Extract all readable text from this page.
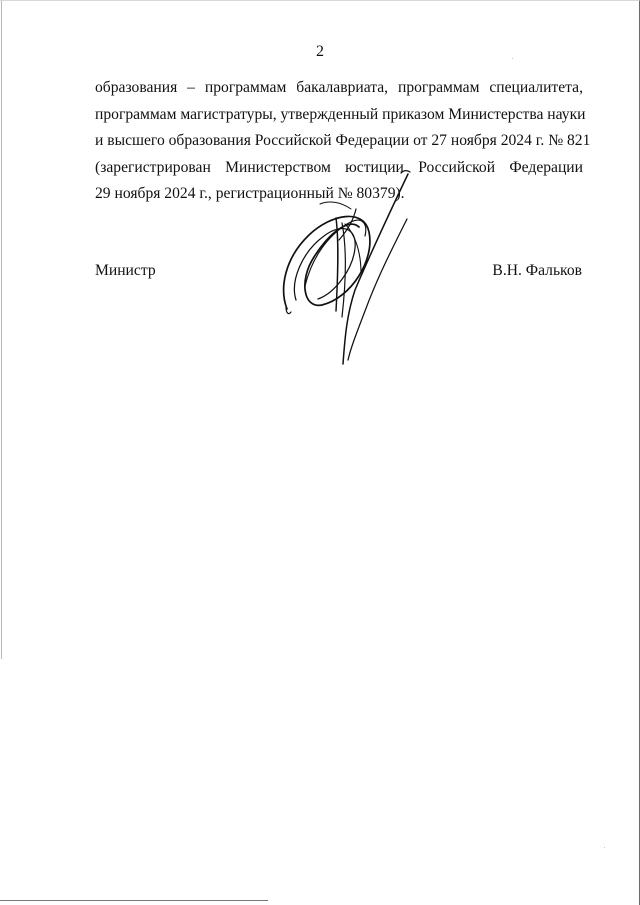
2
образования – программам бакалавриата, программам специалитета,
программам магистратуры, утвержденный приказом Министерства науки
и высшего образования Российской Федерации от 27 ноября 2024 г. № 821
(зарегистрирован Министерством юстиции Российской Федерации
29 ноября 2024 г., регистрационный № 80379).
Министр	В.Н. Фальков
